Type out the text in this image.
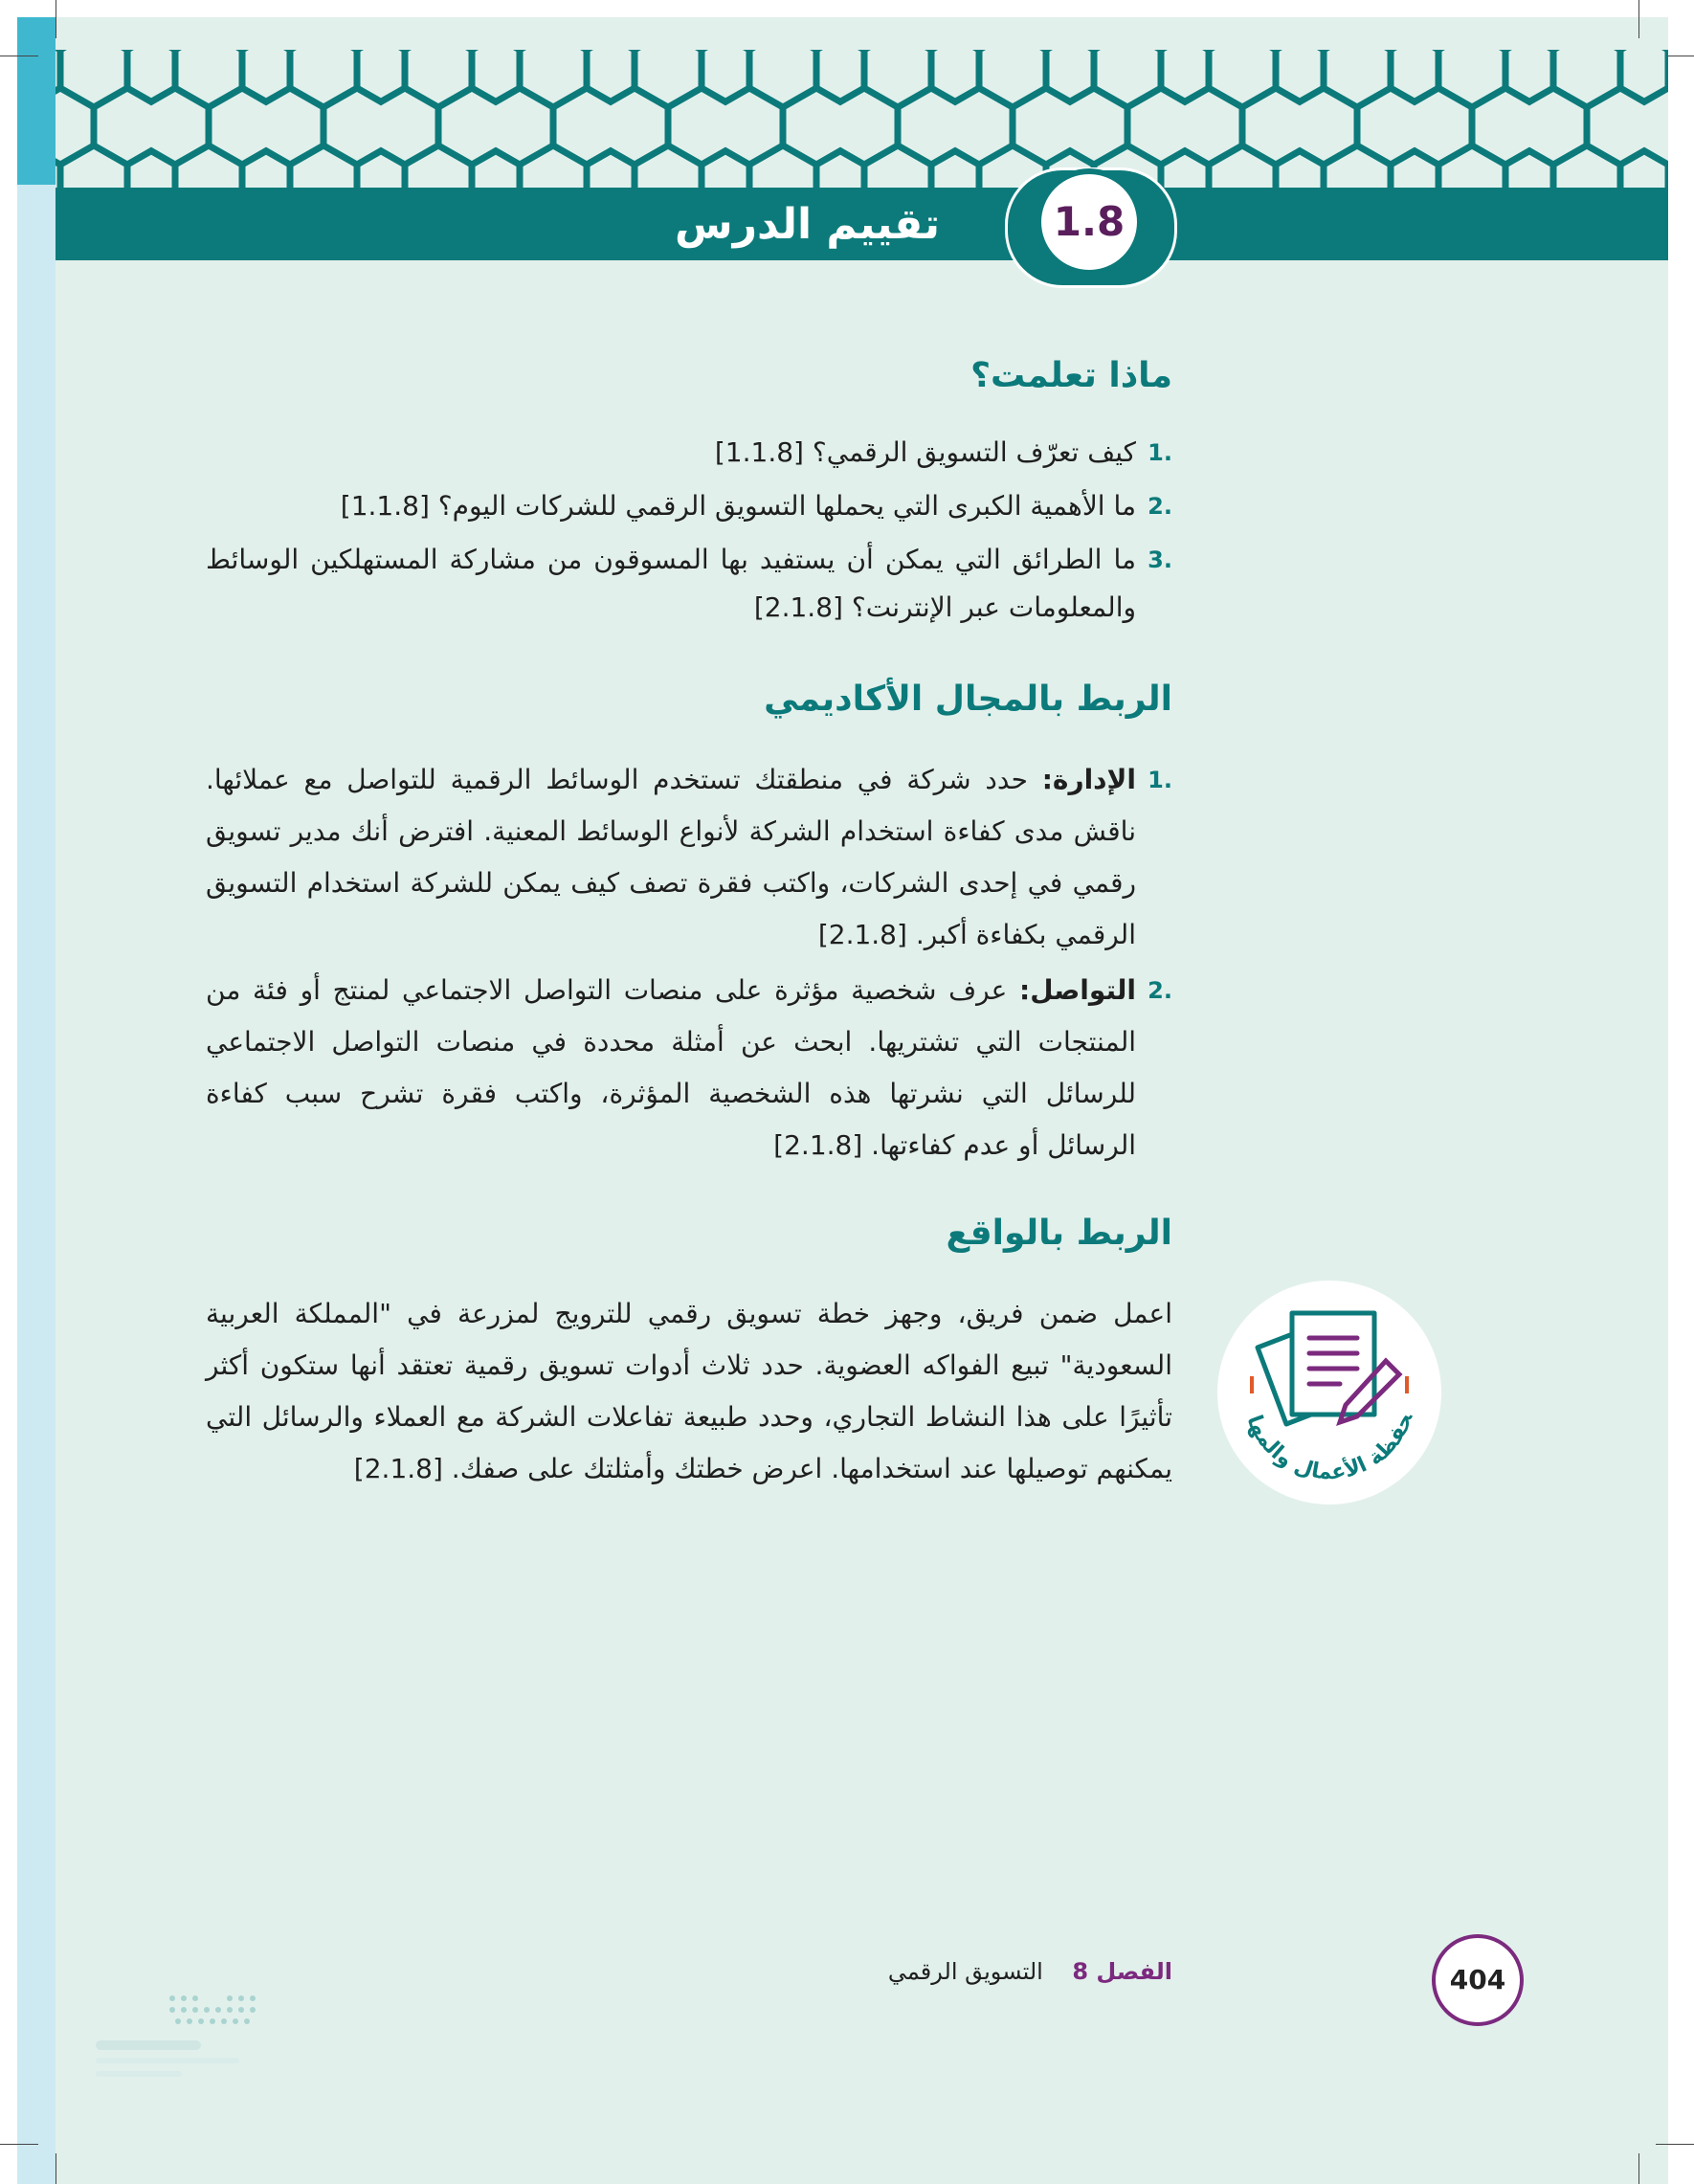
1.8
تقييم الدرس
ماذا تعلمت؟
.1
كيف تعرّف التسويق الرقمي؟ [1.1.8]
.2
ما الأهمية الكبرى التي يحملها التسويق الرقمي للشركات اليوم؟ [1.1.8]
.3
ما الطرائق التي يمكن أن يستفيد بها المسوقون من مشاركة المستهلكين الوسائط والمعلومات عبر الإنترنت؟ [2.1.8]
الربط بالمجال الأكاديمي
.1
الإدارة: حدد شركة في منطقتك تستخدم الوسائط الرقمية للتواصل مع عملائها. ناقش مدى كفاءة استخدام الشركة لأنواع الوسائط المعنية. افترض أنك مدير تسويق رقمي في إحدى الشركات، واكتب فقرة تصف كيف يمكن للشركة استخدام التسويق الرقمي بكفاءة أكبر. [2.1.8]
.2
التواصل: عرف شخصية مؤثرة على منصات التواصل الاجتماعي لمنتج أو فئة من المنتجات التي تشتريها. ابحث عن أمثلة محددة في منصات التواصل الاجتماعي للرسائل التي نشرتها هذه الشخصية المؤثرة، واكتب فقرة تشرح سبب كفاءة الرسائل أو عدم كفاءتها. [2.1.8]
الربط بالواقع
اعمل ضمن فريق، وجهز خطة تسويق رقمي للترويج لمزرعة في "المملكة العربية السعودية" تبيع الفواكه العضوية. حدد ثلاث أدوات تسويق رقمية تعتقد أنها ستكون أكثر تأثيرًا على هذا النشاط التجاري، وحدد طبيعة تفاعلات الشركة مع العملاء والرسائل التي يمكنهم توصيلها عند استخدامها. اعرض خطتك وأمثلتك على صفك. [2.1.8]
حفظة الأعمال والمها
404
الفصل 8    التسويق الرقمي
